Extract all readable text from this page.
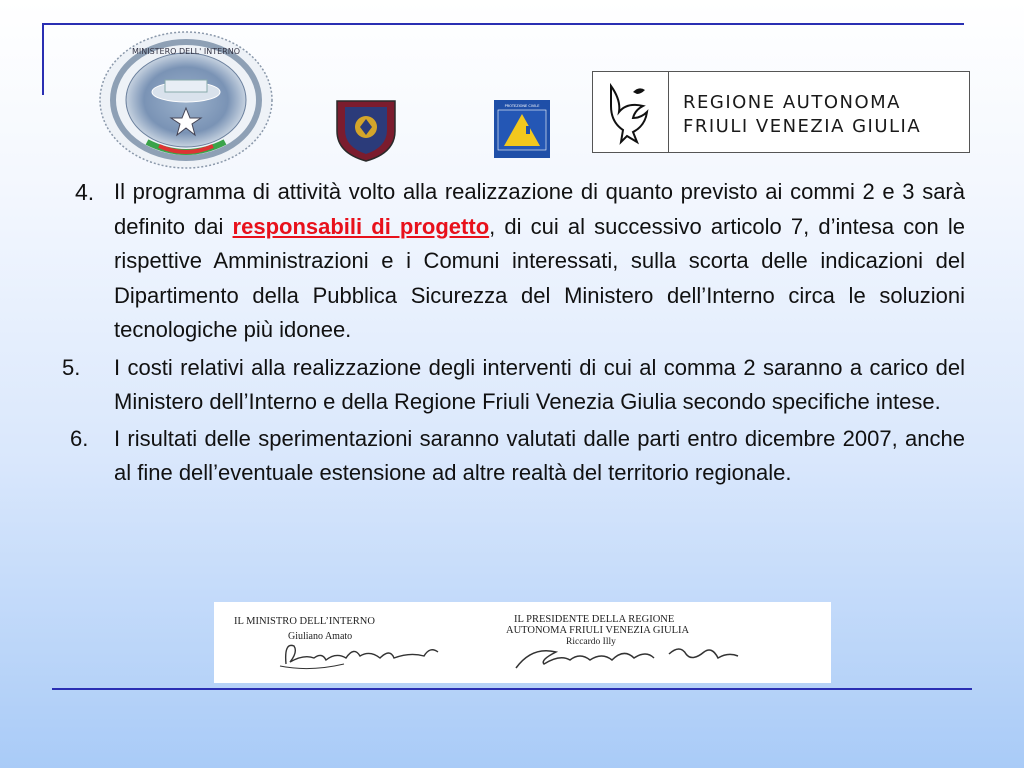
MINISTERO DELL' INTERNO
PROTEZIONE CIVILE	REGIONE AUTONOMA
FRIULI VENEZIA GIULIA
4. Il programma di attività volto alla realizzazione di quanto previsto ai commi 2 e 3 sarà definito dai responsabili di progetto, di cui al successivo articolo 7, d’intesa con le rispettive Amministrazioni e i Comuni interessati, sulla scorta delle indicazioni del Dipartimento della Pubblica Sicurezza del Ministero dell’Interno circa le soluzioni tecnologiche più idonee.
5. I costi relativi alla realizzazione degli interventi di cui al comma 2 saranno a carico del Ministero dell’Interno e della Regione Friuli Venezia Giulia secondo specifiche intese.
6. I risultati delle sperimentazioni saranno valutati dalle parti entro dicembre 2007, anche al fine dell’eventuale estensione ad altre realtà del territorio regionale.
IL MINISTRO DELL’INTERNO
Giuliano Amato
IL PRESIDENTE DELLA REGIONE
AUTONOMA FRIULI VENEZIA GIULIA
Riccardo Illy
